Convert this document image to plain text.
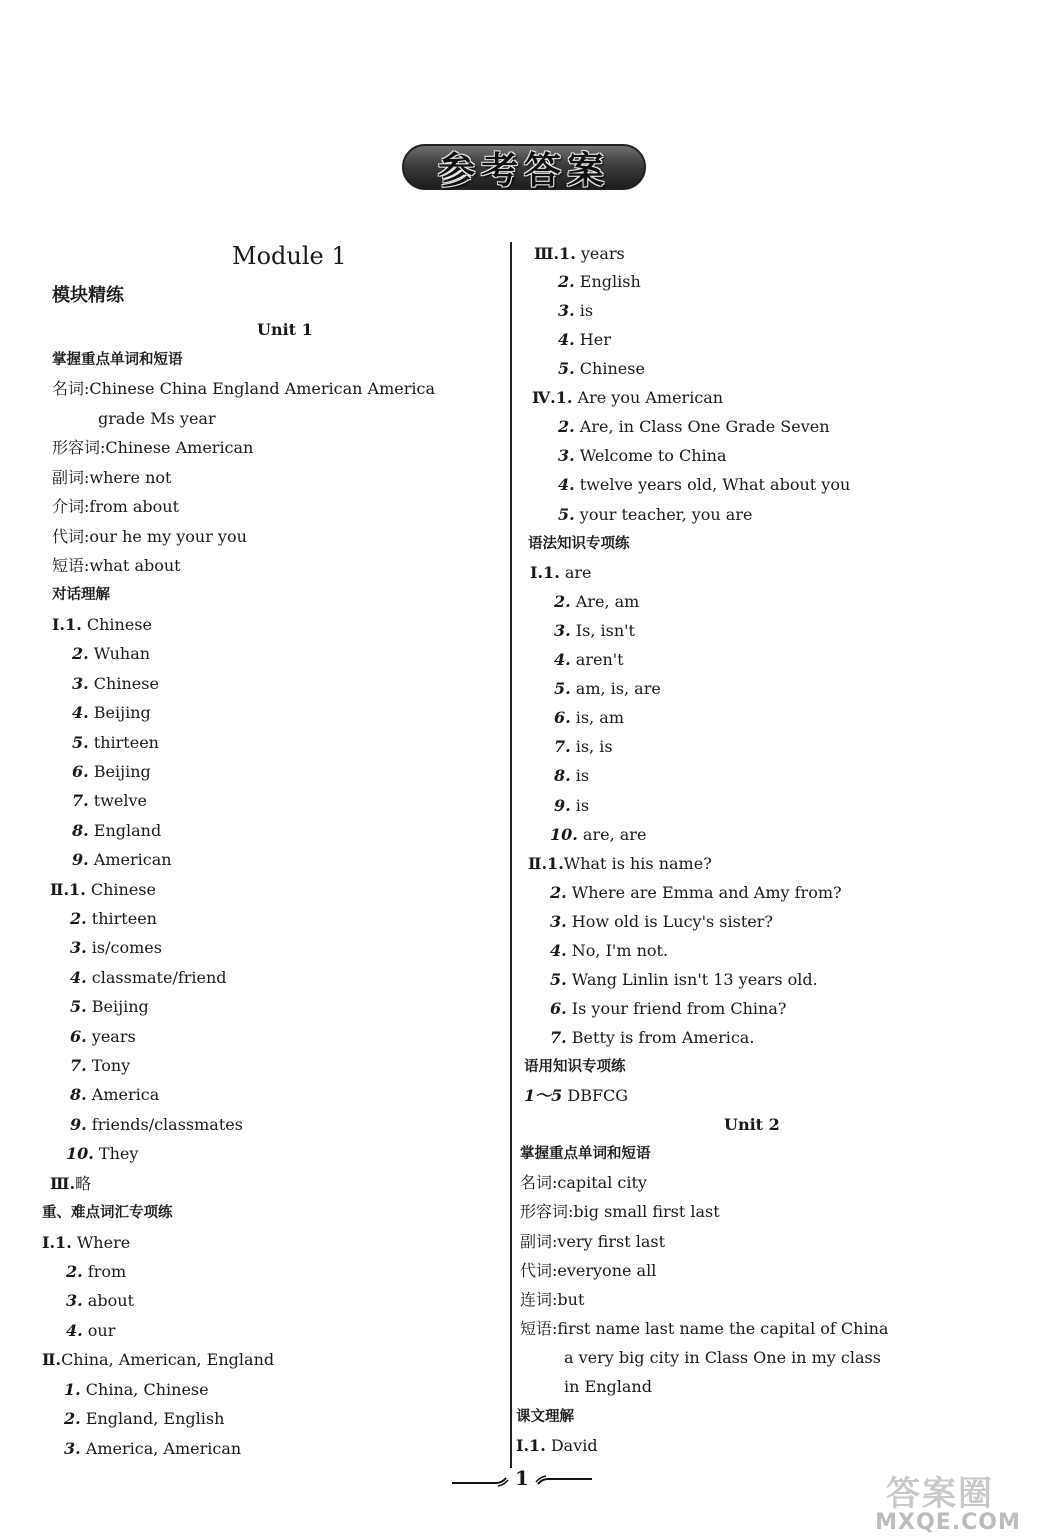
参考答案
Module 1
模块精练
Unit 1
掌握重点单词和短语
名词:Chinese China England American America
grade Ms year
形容词:Chinese American
副词:where not
介词:from about
代词:our he my your you
短语:what about
对话理解
Ⅰ.1. Chinese
2. Wuhan
3. Chinese
4. Beijing
5. thirteen
6. Beijing
7. twelve
8. England
9. American
Ⅱ.1. Chinese
2. thirteen
3. is/comes
4. classmate/friend
5. Beijing
6. years
7. Tony
8. America
9. friends/classmates
10. They
Ⅲ.略
重、难点词汇专项练
Ⅰ.1. Where
2. from
3. about
4. our
Ⅱ.China, American, England
1. China, Chinese
2. England, English
3. America, American
Ⅲ.1. years
2. English
3. is
4. Her
5. Chinese
Ⅳ.1. Are you American
2. Are, in Class One Grade Seven
3. Welcome to China
4. twelve years old, What about you
5. your teacher, you are
语法知识专项练
Ⅰ.1. are
2. Are, am
3. Is, isn't
4. aren't
5. am, is, are
6. is, am
7. is, is
8. is
9. is
10. are, are
Ⅱ.1.What is his name?
2. Where are Emma and Amy from?
3. How old is Lucy's sister?
4. No, I'm not.
5. Wang Linlin isn't 13 years old.
6. Is your friend from China?
7. Betty is from America.
语用知识专项练
1～5 DBFCG
Unit 2
掌握重点单词和短语
名词:capital city
形容词:big small first last
副词:very first last
代词:everyone all
连词:but
短语:first name last name the capital of China
a very big city in Class One in my class
in England
课文理解
Ⅰ.1. David
1	答案圈
MXQE.COM
